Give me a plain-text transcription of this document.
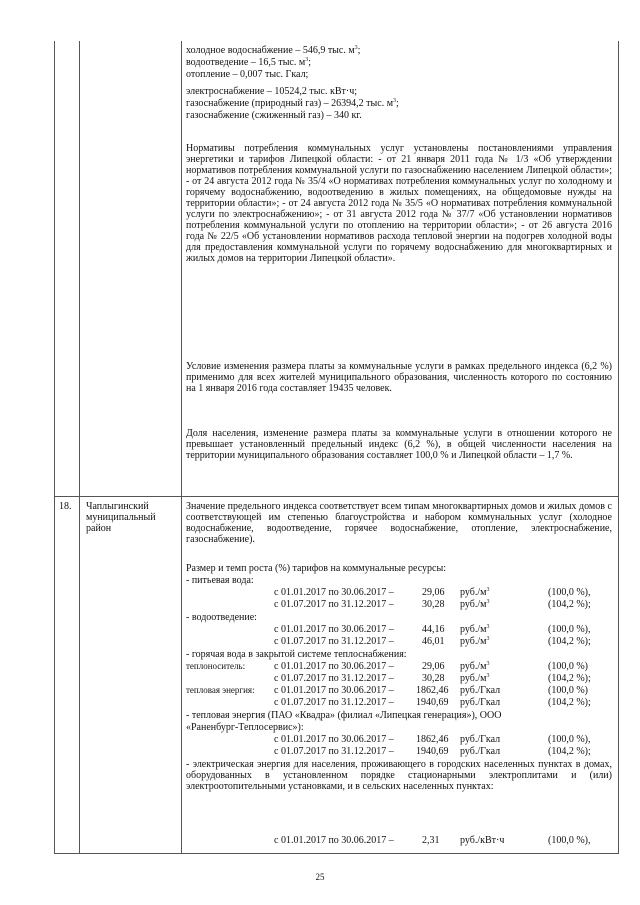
холодное водоснабжение – 546,9 тыс. $м^3$;
водоотведение – 16,5 тыс. $м^3$;
отопление – 0,007 тыс. Гкал;
электроснабжение – 10524,2 тыс. кВт·ч;
газоснабжение (природный газ) – 26394,2 тыс. $м^3$;
газоснабжение (сжиженный газ) – 340 кг.
Нормативы потребления коммунальных услуг установлены постановлениями управления энергетики и тарифов Липецкой области: - от 21 января 2011 года № 1/3 «Об утверждении нормативов потребления коммунальной услуги по газоснабжению населением Липецкой области»; - от 24 августа 2012 года № 35/4 «О нормативах потребления коммунальных услуг по холодному и горячему водоснабжению, водоотведению в жилых помещениях, на общедомовые нужды на территории области»; - от 24 августа 2012 года № 35/5 «О нормативах потребления коммунальной услуги по электроснабжению»; - от 31 августа 2012 года № 37/7 «Об установлении нормативов потребления коммунальной услуги по отоплению на территории области»; - от 26 августа 2016 года № 22/5 «Об установлении нормативов расхода тепловой энергии на подогрев холодной воды для предоставления коммунальной услуги по горячему водоснабжению для многоквартирных и жилых домов на территории Липецкой области».
Условие изменения размера платы за коммунальные услуги в рамках предельного индекса (6,2 %) применимо для всех жителей муниципального образования, численность которого по состоянию на 1 января 2016 года составляет 19435 человек.
Доля населения, изменение размера платы за коммунальные услуги в отношении которого не превышает установленный предельный индекс (6,2 %), в общей численности населения на территории муниципального образования составляет 100,0 % и Липецкой области – 1,7 %.
18. Чаплыгинский муниципальный район
Значение предельного индекса соответствует всем типам многоквартирных домов и жилых домов с соответствующей им степенью благоустройства и набором коммунальных услуг (холодное водоснабжение, водоотведение, горячее водоснабжение, отопление, электроснабжение, газоснабжение).
Размер и темп роста (%) тарифов на коммунальные ресурсы:
- питьевая вода:
с 01.01.2017 по 30.06.2017 –	29,06 $руб./м^3$	(100,0 %),
с 01.07.2017 по 31.12.2017 –	30,28 $руб./м^3$	(104,2 %);
- водоотведение:
с 01.01.2017 по 30.06.2017 –	44,16 $руб./м^3$	(100,0 %),
с 01.07.2017 по 31.12.2017 –	46,01 $руб./м^3$	(104,2 %);
- горячая вода в закрытой системе теплоснабжения:
теплоноситель:	с 01.01.2017 по 30.06.2017 –	29,06 $руб./м^3$	(100,0 %)
с 01.07.2017 по 31.12.2017 –	30,28 $руб./м^3$	(104,2 %);
тепловая энергия: с 01.01.2017 по 30.06.2017 – 1862,46 руб./Гкал	(100,0 %)
с 01.07.2017 по 31.12.2017 – 1940,69 руб./Гкал	(104,2 %);
- тепловая энергия (ПАО «Квадра» (филиал «Липецкая генерация»), ООО
«Раненбург-Теплосервис»):
с 01.01.2017 по 30.06.2017 – 1862,46 руб./Гкал	(100,0 %),
с 01.07.2017 по 31.12.2017 – 1940,69 руб./Гкал	(104,2 %);
- электрическая энергия для населения, проживающего в городских населенных пунктах в домах, оборудованных в установленном порядке стационарными электроплитами и (или) электроотопительными установками, и в сельских населенных пунктах:
с 01.01.2017 по 30.06.2017 –	2,31 руб./кВт·ч	(100,0 %),
25
